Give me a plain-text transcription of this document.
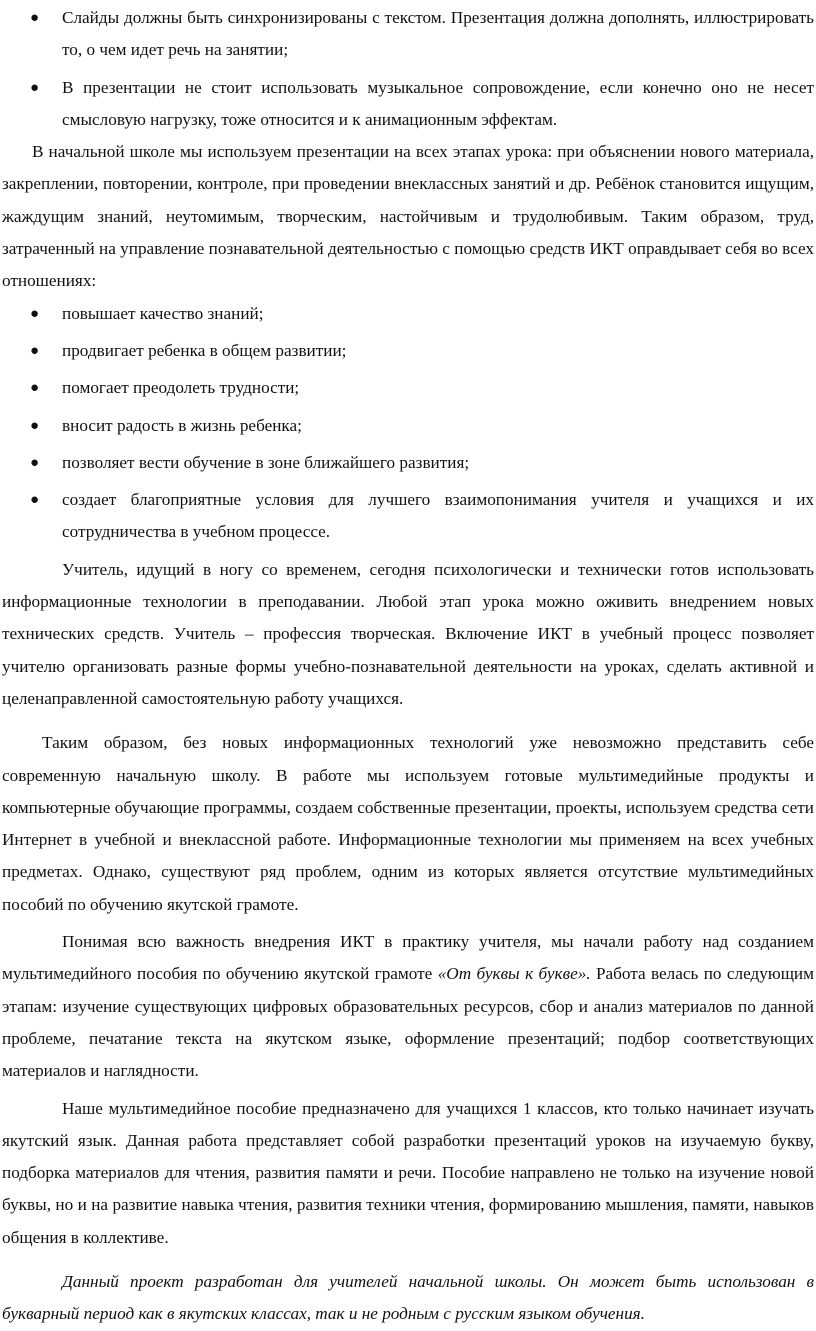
● Слайды должны быть синхронизированы с текстом. Презентация должна дополнять, иллюстрировать то, о чем идет речь на занятии;
● В презентации не стоит использовать музыкальное сопровождение, если конечно оно не несет смысловую нагрузку, тоже относится и к анимационным эффектам.

В начальной школе мы используем презентации на всех этапах урока: при объяснении нового материала, закреплении, повторении, контроле, при проведении внеклассных занятий и др. Ребёнок становится ищущим, жаждущим знаний, неутомимым, творческим, настойчивым и трудолюбивым. Таким образом, труд, затраченный на управление познавательной деятельностью с помощью средств ИКТ оправдывает себя во всех отношениях:

● повышает качество знаний;
● продвигает ребенка в общем развитии;
● помогает преодолеть трудности;
● вносит радость в жизнь ребенка;
● позволяет вести обучение в зоне ближайшего развития;
● создает благоприятные условия для лучшего взаимопонимания учителя и учащихся и их сотрудничества в учебном процессе.

Учитель, идущий в ногу со временем, сегодня психологически и технически готов использовать информационные технологии в преподавании. Любой этап урока можно оживить внедрением новых технических средств. Учитель – профессия творческая. Включение ИКТ в учебный процесс позволяет учителю организовать разные формы учебно-познавательной деятельности на уроках, сделать активной и целенаправленной самостоятельную работу учащихся.

Таким образом, без новых информационных технологий уже невозможно представить себе современную начальную школу. В работе мы используем готовые мультимедийные продукты и компьютерные обучающие программы, создаем собственные презентации, проекты, используем средства сети Интернет в учебной и внеклассной работе. Информационные технологии мы применяем на всех учебных предметах. Однако, существуют ряд проблем, одним из которых является отсутствие мультимедийных пособий по обучению якутской грамоте.

Понимая всю важность внедрения ИКТ в практику учителя, мы начали работу над созданием мультимедийного пособия по обучению якутской грамоте «От буквы к букве». Работа велась по следующим этапам: изучение существующих цифровых образовательных ресурсов, сбор и анализ материалов по данной проблеме, печатание текста на якутском языке, оформление презентаций; подбор соответствующих материалов и наглядности.

Наше мультимедийное пособие предназначено для учащихся 1 классов, кто только начинает изучать якутский язык. Данная работа представляет собой разработки презентаций уроков на изучаемую букву, подборка материалов для чтения, развития памяти и речи. Пособие направлено не только на изучение новой буквы, но и на развитие навыка чтения, развития техники чтения, формированию мышления, памяти, навыков общения в коллективе.

Данный проект разработан для учителей начальной школы. Он может быть использован в букварный период как в якутских классах, так и не родным с русским языком обучения.
